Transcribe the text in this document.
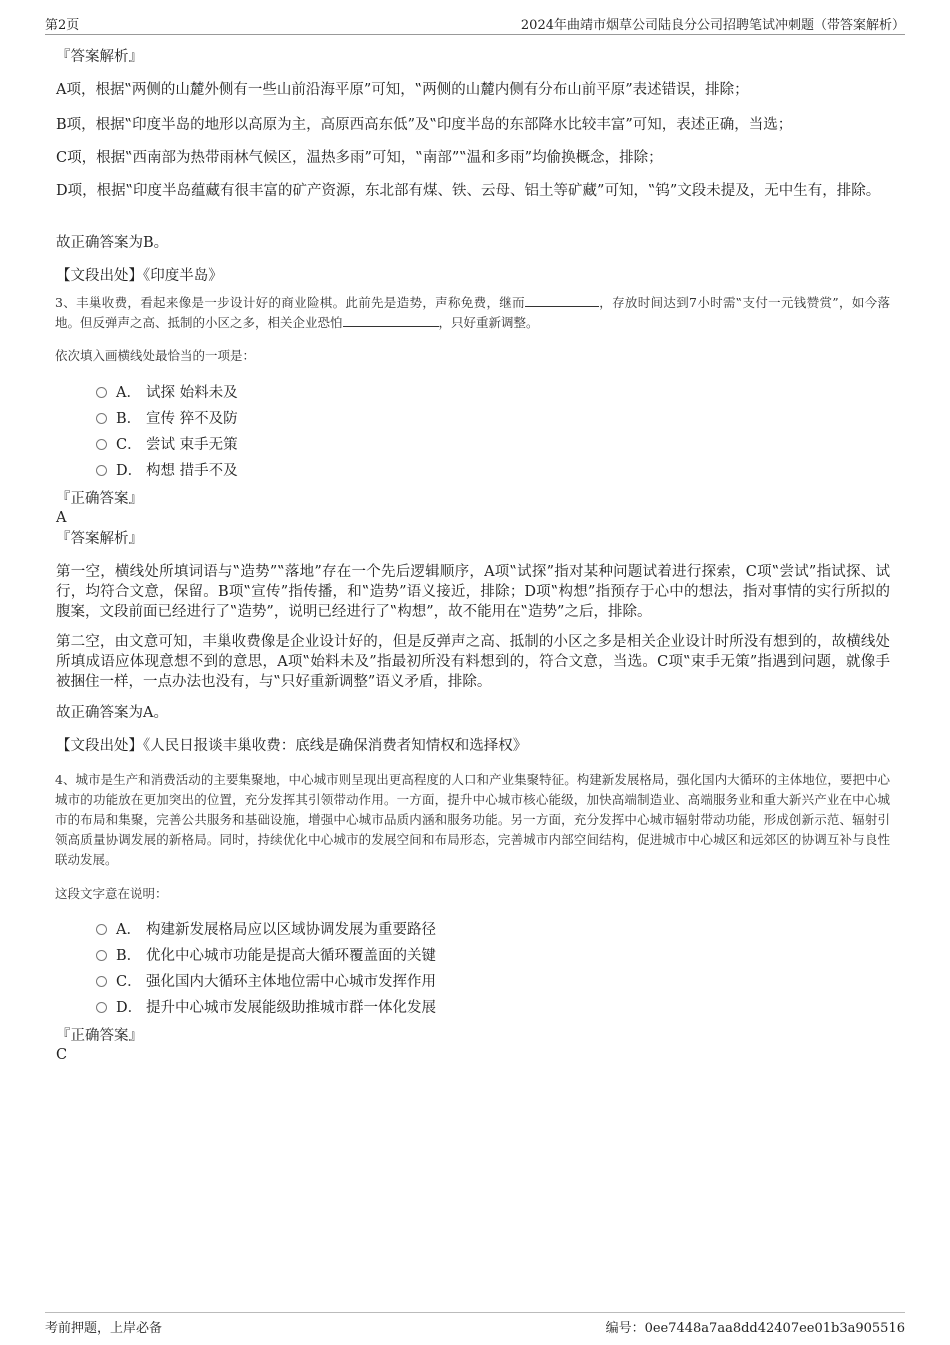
第2页	2024年曲靖市烟草公司陆良分公司招聘笔试冲刺题（带答案解析）
『答案解析』
A项，根据‟两侧的山麓外侧有一些山前沿海平原”可知，‟两侧的山麓内侧有分布山前平原”表述错误，排除；
B项，根据‟印度半岛的地形以高原为主，高原西高东低”及‟印度半岛的东部降水比较丰富”可知，表述正确，当选；
C项，根据‟西南部为热带雨林气候区，温热多雨”可知，‟南部”‟温和多雨”均偷换概念，排除；
D项，根据‟印度半岛蕴藏有很丰富的矿产资源，东北部有煤、铁、云母、铝土等矿藏”可知，‟钨”文段未提及，无中生有，排除。
故正确答案为B。
【文段出处】《印度半岛》
3、丰巢收费，看起来像是一步设计好的商业险棋。此前先是造势，声称免费，继而	，存放时间达到7小时需‟支付一元钱赞赏”，如今落地。但反弹声之高、抵制的小区之多，相关企业恐怕	，只好重新调整。
依次填入画横线处最恰当的一项是：
A． 试探 始料未及
B． 宣传 猝不及防
C． 尝试 束手无策
D． 构想 措手不及
『正确答案』
A
『答案解析』
第一空，横线处所填词语与‟造势”‟落地”存在一个先后逻辑顺序，A项‟试探”指对某种问题试着进行探索，C项‟尝试”指试探、试行，均符合文意，保留。B项‟宣传”指传播，和‟造势”语义接近，排除；D项‟构想”指预存于心中的想法，指对事情的实行所拟的腹案，文段前面已经进行了‟造势”，说明已经进行了‟构想”，故不能用在‟造势”之后，排除。
第二空，由文意可知，丰巢收费像是企业设计好的，但是反弹声之高、抵制的小区之多是相关企业设计时所没有想到的，故横线处所填成语应体现意想不到的意思，A项‟始料未及”指最初所没有料想到的，符合文意，当选。C项‟束手无策”指遇到问题，就像手被捆住一样，一点办法也没有，与‟只好重新调整”语义矛盾，排除。
故正确答案为A。
【文段出处】《人民日报谈丰巢收费：底线是确保消费者知情权和选择权》
4、城市是生产和消费活动的主要集聚地，中心城市则呈现出更高程度的人口和产业集聚特征。构建新发展格局，强化国内大循环的主体地位，要把中心城市的功能放在更加突出的位置，充分发挥其引领带动作用。一方面，提升中心城市核心能级，加快高端制造业、高端服务业和重大新兴产业在中心城市的布局和集聚，完善公共服务和基础设施，增强中心城市品质内涵和服务功能。另一方面，充分发挥中心城市辐射带动功能，形成创新示范、辐射引领高质量协调发展的新格局。同时，持续优化中心城市的发展空间和布局形态，完善城市内部空间结构，促进城市中心城区和远郊区的协调互补与良性联动发展。
这段文字意在说明：
A． 构建新发展格局应以区域协调发展为重要路径
B． 优化中心城市功能是提高大循环覆盖面的关键
C． 强化国内大循环主体地位需中心城市发挥作用
D． 提升中心城市发展能级助推城市群一体化发展
『正确答案』
C
考前押题，上岸必备	编号：0ee7448a7aa8dd42407ee01b3a905516
